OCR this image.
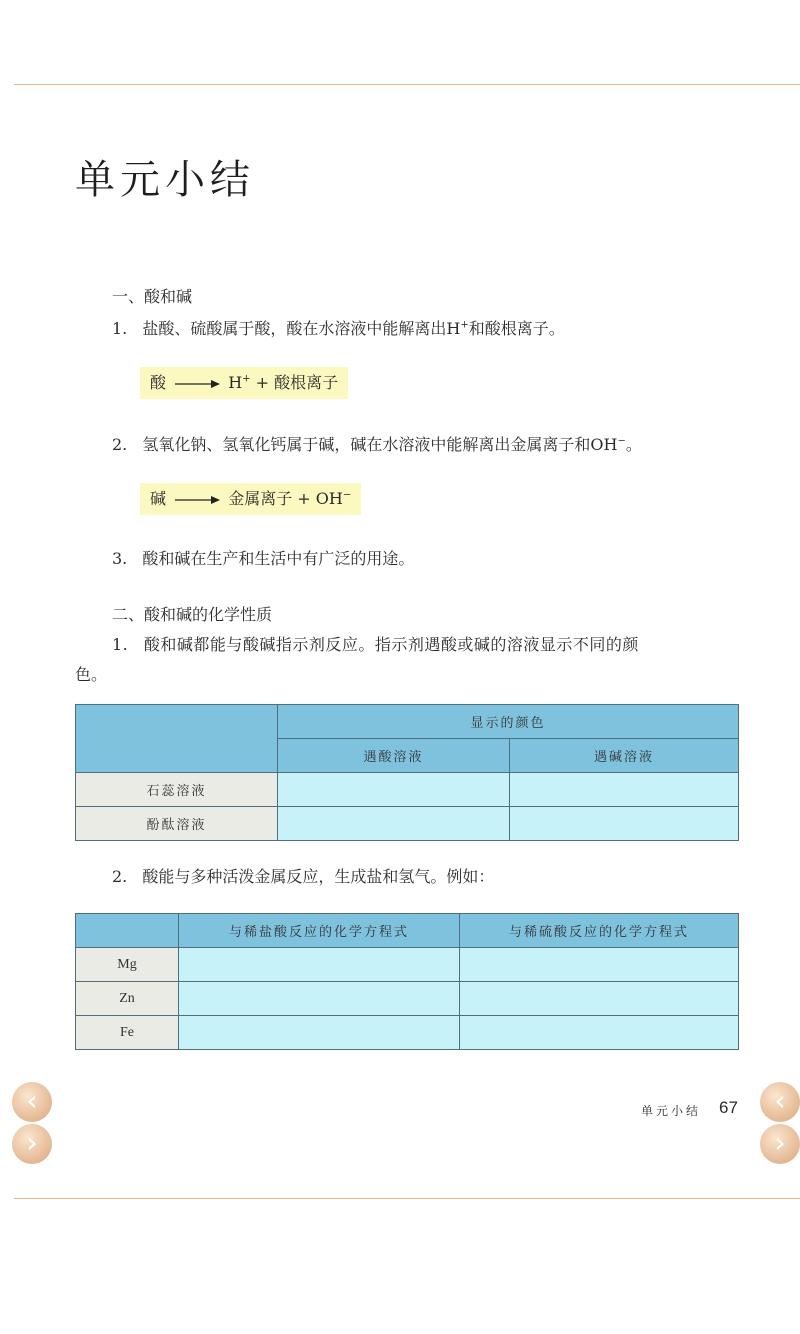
单元小结
一、酸和碱
1. 盐酸、硫酸属于酸，酸在水溶液中能解离出H+和酸根离子。
酸	H+ + 酸根离子
2. 氢氧化钠、氢氧化钙属于碱，碱在水溶液中能解离出金属离子和OH−。
碱	金属离子 + OH−
3. 酸和碱在生产和生活中有广泛的用途。
二、酸和碱的化学性质
1. 酸和碱都能与酸碱指示剂反应。指示剂遇酸或碱的溶液显示不同的颜
色。
	显示的颜色	
	遇酸溶液	遇碱溶液
石蕊溶液		
酚酞溶液		
2. 酸能与多种活泼金属反应，生成盐和氢气。例如：
	与稀盐酸反应的化学方程式	与稀硫酸反应的化学方程式
Mg		
Zn		
Fe		
‹
›
‹
›
单元小结 67
